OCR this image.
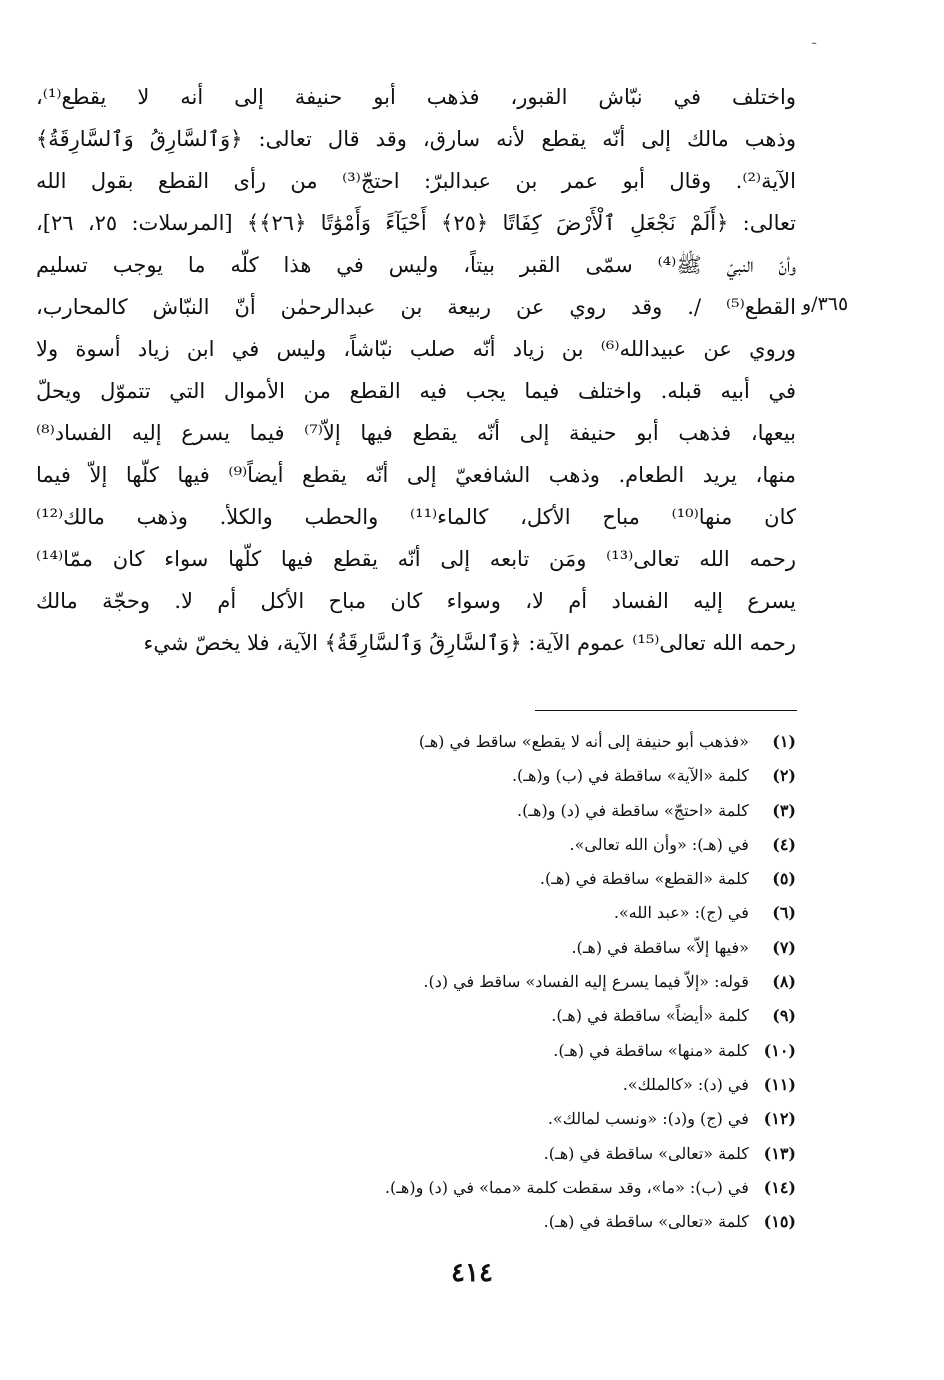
ـ
واختلف في نبّاش القبور، فذهب أبو حنيفة إلى أنه لا يقطع⁽¹⁾،
وذهب مالك إلى أنّه يقطع لأنه سارق، وقد قال تعالى: ﴿وَٱلسَّارِقُ وَٱلسَّارِقَةُ﴾
الآية⁽²⁾. وقال أبو عمر بن عبدالبرّ: احتجّ⁽³⁾ من رأى القطع بقول الله
تعالى: ﴿أَلَمْ نَجْعَلِ ٱلْأَرْضَ كِفَاتًا ﴿٢٥﴾ أَحْيَآءً وَأَمْوَٰتًا ﴿٢٦﴾﴾ [المرسلات: ٢٥، ٢٦]،
وأنّ النبيّ ﷺ⁽⁴⁾ سمّى القبر بيتاً، وليس في هذا كلّه ما يوجب تسليم
القطع⁽⁵⁾ /. وقد روي عن ربيعة بن عبدالرحمٰن أنّ النبّاش كالمحارب،
وروي عن عبيدالله⁽⁶⁾ بن زياد أنّه صلب نبّاشاً، وليس في ابن زياد أسوة ولا
في أبيه قبله. واختلف فيما يجب فيه القطع من الأموال التي تتموّل ويحلّ
بيعها، فذهب أبو حنيفة إلى أنّه يقطع فيها إلاّ⁽⁷⁾ فيما يسرع إليه الفساد⁽⁸⁾
منها، يريد الطعام. وذهب الشافعيّ إلى أنّه يقطع أيضاً⁽⁹⁾ فيها كلّها إلاّ فيما
كان منها⁽¹⁰⁾ مباح الأكل، كالماء⁽¹¹⁾ والحطب والكلأ. وذهب مالك⁽¹²⁾
رحمه الله تعالى⁽¹³⁾ ومَن تابعه إلى أنّه يقطع فيها كلّها سواء كان ممّا⁽¹⁴⁾
يسرع إليه الفساد أم لا، وسواء كان مباح الأكل أم لا. وحجّة مالك
رحمه الله تعالى⁽¹⁵⁾ عموم الآية: ﴿وَٱلسَّارِقُ وَٱلسَّارِقَةُ﴾ الآية، فلا يخصّ شيء
٣٦٥/و
(١) «فذهب أبو حنيفة إلى أنه لا يقطع» ساقط في (هـ)
(٢) كلمة «الآية» ساقطة في (ب) و(هـ).
(٣) كلمة «احتجّ» ساقطة في (د) و(هـ).
(٤) في (هـ): «وأن الله تعالى».
(٥) كلمة «القطع» ساقطة في (هـ).
(٦) في (ج): «عبد الله».
(٧) «فيها إلاّ» ساقطة في (هـ).
(٨) قوله: «إلاّ فيما يسرع إليه الفساد» ساقط في (د).
(٩) كلمة «أيضاً» ساقطة في (هـ).
(١٠) كلمة «منها» ساقطة في (هـ).
(١١) في (د): «كالملك».
(١٢) في (ج) و(د): «ونسب لمالك».
(١٣) كلمة «تعالى» ساقطة في (هـ).
(١٤) في (ب): «ما»، وقد سقطت كلمة «مما» في (د) و(هـ).
(١٥) كلمة «تعالى» ساقطة في (هـ).
٤١٤
